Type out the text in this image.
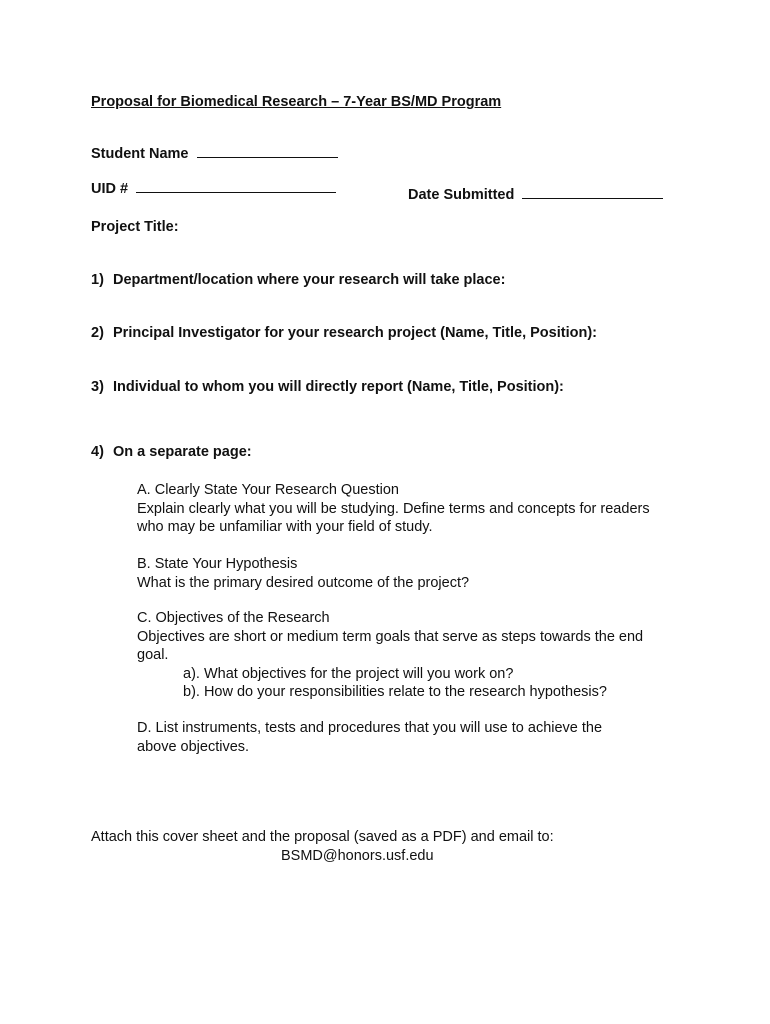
Proposal for Biomedical Research – 7-Year BS/MD Program
Student Name
UID #	Date Submitted
Project Title:
1) Department/location where your research will take place:
2) Principal Investigator for your research project (Name, Title, Position):
3) Individual to whom you will directly report (Name, Title, Position):
4) On a separate page:
A. Clearly State Your Research Question
Explain clearly what you will be studying. Define terms and concepts for readers who may be unfamiliar with your field of study.
B. State Your Hypothesis
What is the primary desired outcome of the project?
C. Objectives of the Research
Objectives are short or medium term goals that serve as steps towards the end goal.
a). What objectives for the project will you work on?
b). How do your responsibilities relate to the research hypothesis?
D. List instruments, tests and procedures that you will use to achieve the above objectives.
Attach this cover sheet and the proposal (saved as a PDF) and email to:
BSMD@honors.usf.edu
